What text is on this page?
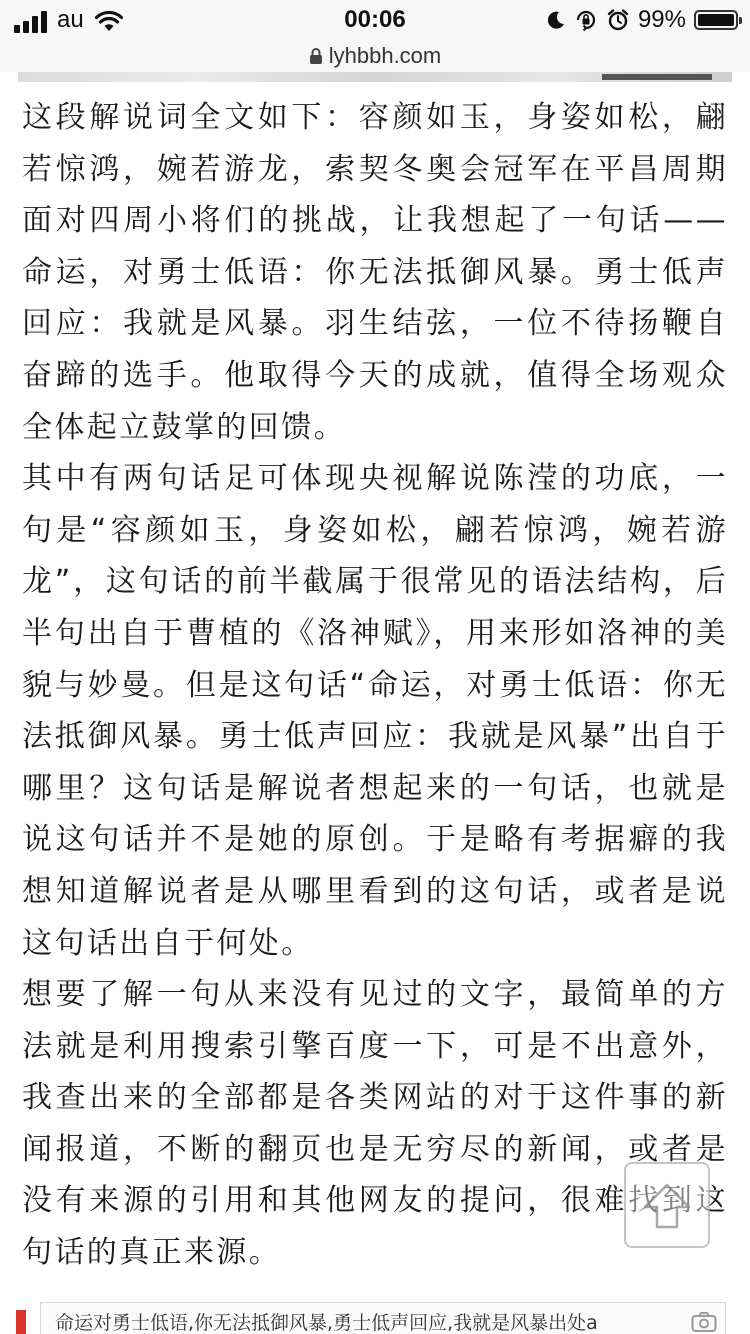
au	00:06	99%
lyhbbh.com

这段解说词全文如下：容颜如玉，身姿如松，翩若惊鸿，婉若游龙，索契冬奥会冠军在平昌周期面对四周小将们的挑战，让我想起了一句话——命运，对勇士低语：你无法抵御风暴。勇士低声回应：我就是风暴。羽生结弦，一位不待扬鞭自奋蹄的选手。他取得今天的成就，值得全场观众全体起立鼓掌的回馈。

其中有两句话足可体现央视解说陈滢的功底，一句是“容颜如玉，身姿如松，翩若惊鸿，婉若游龙”，这句话的前半截属于很常见的语法结构，后半句出自于曹植的《洛神赋》，用来形如洛神的美貌与妙曼。但是这句话“命运，对勇士低语：你无法抵御风暴。勇士低声回应：我就是风暴”出自于哪里？这句话是解说者想起来的一句话，也就是说这句话并不是她的原创。于是略有考据癖的我想知道解说者是从哪里看到的这句话，或者是说这句话出自于何处。

想要了解一句从来没有见过的文字，最简单的方法就是利用搜索引擎百度一下，可是不出意外，我查出来的全部都是各类网站的对于这件事的新闻报道，不断的翻页也是无穷尽的新闻，或者是没有来源的引用和其他网友的提问，很难找到这句话的真正来源。

命运对勇士低语,你无法抵御风暴,勇士低声回应,我就是风暴出处a
